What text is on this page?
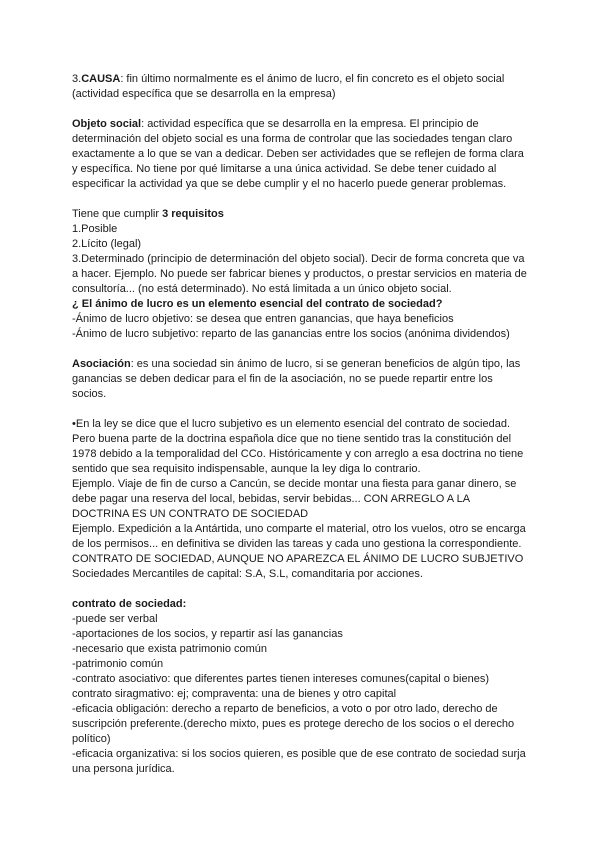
3.CAUSA: fin último normalmente es el ánimo de lucro, el fin concreto es el objeto social (actividad específica que se desarrolla en la empresa)

Objeto social: actividad específica que se desarrolla en la empresa. El principio de determinación del objeto social es una forma de controlar que las sociedades tengan claro exactamente a lo que se van a dedicar. Deben ser actividades que se reflejen de forma clara y específica. No tiene por qué limitarse a una única actividad. Se debe tener cuidado al especificar la actividad ya que se debe cumplir y el no hacerlo puede generar problemas.

Tiene que cumplir 3 requisitos

1.Posible

2.Lícito (legal)

3.Determinado (principio de determinación del objeto social). Decir de forma concreta que va a hacer. Ejemplo. No puede ser fabricar bienes y productos, o prestar servicios en materia de consultoría... (no está determinado). No está limitada a un único objeto social.

¿ El ánimo de lucro es un elemento esencial del contrato de sociedad?

-Ánimo de lucro objetivo: se desea que entren ganancias, que haya beneficios

-Ánimo de lucro subjetivo: reparto de las ganancias entre los socios (anónima dividendos)

Asociación: es una sociedad sin ánimo de lucro, si se generan beneficios de algún tipo, las ganancias se deben dedicar para el fin de la asociación, no se puede repartir entre los socios.

•En la ley se dice que el lucro subjetivo es un elemento esencial del contrato de sociedad. Pero buena parte de la doctrina española dice que no tiene sentido tras la constitución del 1978 debido a la temporalidad del CCo. Históricamente y con arreglo a esa doctrina no tiene sentido que sea requisito indispensable, aunque la ley diga lo contrario.

Ejemplo. Viaje de fin de curso a Cancún, se decide montar una fiesta para ganar dinero, se debe pagar una reserva del local, bebidas, servir bebidas... CON ARREGLO A LA DOCTRINA ES UN CONTRATO DE SOCIEDAD

Ejemplo. Expedición a la Antártida, uno comparte el material, otro los vuelos, otro se encarga de los permisos... en definitiva se dividen las tareas y cada uno gestiona la correspondiente. CONTRATO DE SOCIEDAD, AUNQUE NO APAREZCA EL ÁNIMO DE LUCRO SUBJETIVO

Sociedades Mercantiles de capital: S.A, S.L, comanditaria por acciones.

contrato de sociedad:

-puede ser verbal

-aportaciones de los socios, y repartir así las ganancias

-necesario que exista patrimonio común

-patrimonio común

-contrato asociativo: que diferentes partes tienen intereses comunes(capital o bienes) contrato siragmativo: ej; compraventa: una de bienes y otro capital

-eficacia obligación: derecho a reparto de beneficios, a voto o por otro lado, derecho de suscripción preferente.(derecho mixto, pues es protege derecho de los socios o el derecho político)

-eficacia organizativa: si los socios quieren, es posible que de ese contrato de sociedad surja una persona jurídica.
